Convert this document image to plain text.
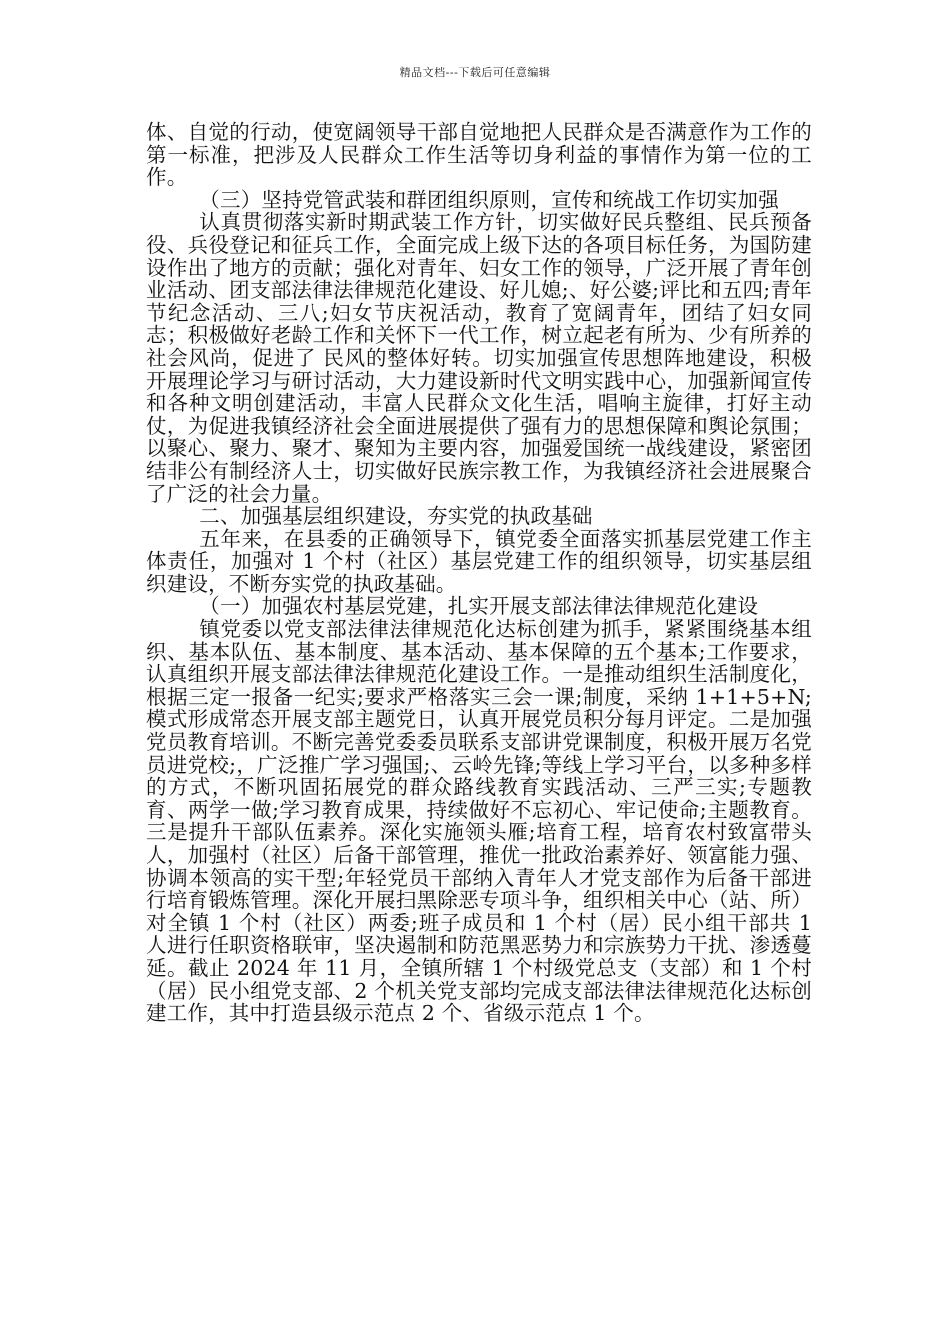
精品文档---下载后可任意编辑

体、自觉的行动，使宽阔领导干部自觉地把人民群众是否满意作为工作的第一标准，把涉及人民群众工作生活等切身利益的事情作为第一位的工作。

（三）坚持党管武装和群团组织原则，宣传和统战工作切实加强

认真贯彻落实新时期武装工作方针，切实做好民兵整组、民兵预备役、兵役登记和征兵工作，全面完成上级下达的各项目标任务，为国防建设作出了地方的贡献；强化对青年、妇女工作的领导，广泛开展了青年创业活动、团支部法律法律规范化建设、好儿媳;、好公婆;评比和五四;青年节纪念活动、三八;妇女节庆祝活动，教育了宽阔青年，团结了妇女同志；积极做好老龄工作和关怀下一代工作，树立起老有所为、少有所养的社会风尚，促进了 民风的整体好转。切实加强宣传思想阵地建设，积极开展理论学习与研讨活动，大力建设新时代文明实践中心，加强新闻宣传和各种文明创建活动，丰富人民群众文化生活，唱响主旋律，打好主动仗，为促进我镇经济社会全面进展提供了强有力的思想保障和舆论氛围；以聚心、聚力、聚才、聚知为主要内容，加强爱国统一战线建设，紧密团结非公有制经济人士，切实做好民族宗教工作，为我镇经济社会进展聚合了广泛的社会力量。

二、加强基层组织建设，夯实党的执政基础

五年来，在县委的正确领导下，镇党委全面落实抓基层党建工作主体责任，加强对 1 个村（社区）基层党建工作的组织领导，切实基层组织建设，不断夯实党的执政基础。

（一）加强农村基层党建，扎实开展支部法律法律规范化建设

镇党委以党支部法律法律规范化达标创建为抓手，紧紧围绕基本组织、基本队伍、基本制度、基本活动、基本保障的五个基本;工作要求，认真组织开展支部法律法律规范化建设工作。一是推动组织生活制度化，根据三定一报备一纪实;要求严格落实三会一课;制度，采纳 1+1+5+N;模式形成常态开展支部主题党日，认真开展党员积分每月评定。二是加强党员教育培训。不断完善党委委员联系支部讲党课制度，积极开展万名党员进党校;，广泛推广学习强国;、云岭先锋;等线上学习平台，以多种多样的方式，不断巩固拓展党的群众路线教育实践活动、三严三实;专题教育、两学一做;学习教育成果，持续做好不忘初心、牢记使命;主题教育。三是提升干部队伍素养。深化实施领头雁;培育工程，培育农村致富带头人，加强村（社区）后备干部管理，推优一批政治素养好、领富能力强、协调本领高的实干型;年轻党员干部纳入青年人才党支部作为后备干部进行培育锻炼管理。深化开展扫黑除恶专项斗争，组织相关中心（站、所）对全镇 1 个村（社区）两委;班子成员和 1 个村（居）民小组干部共 1 人进行任职资格联审，坚决遏制和防范黑恶势力和宗族势力干扰、渗透蔓延。截止 2024 年 11 月，全镇所辖 1 个村级党总支（支部）和 1 个村（居）民小组党支部、2 个机关党支部均完成支部法律法律规范化达标创建工作，其中打造县级示范点 2 个、省级示范点 1 个。
